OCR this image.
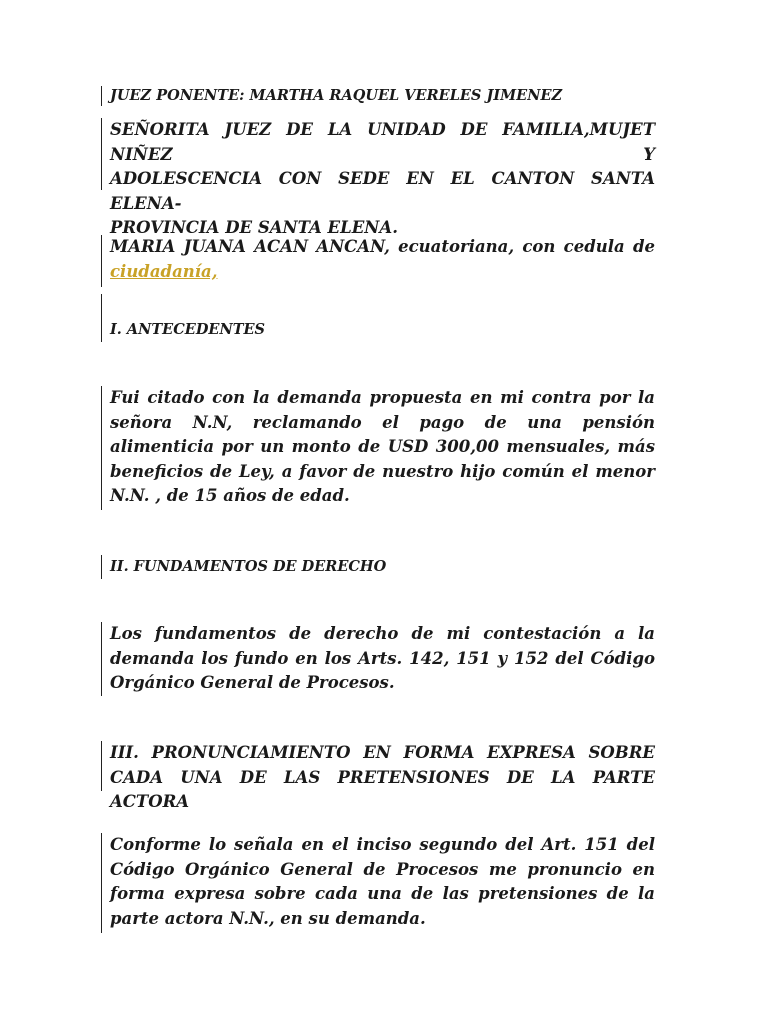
JUEZ PONENTE: MARTHA RAQUEL VERELES JIMENEZ

SEÑORITA JUEZ DE LA UNIDAD DE FAMILIA,MUJET NIÑEZ Y
ADOLESCENCIA CON SEDE EN EL CANTON SANTA ELENA-
PROVINCIA DE SANTA ELENA.
MARIA JUANA ACAN ANCAN, ecuatoriana, con cedula de
ciudadanía,

I. ANTECEDENTES

Fui citado con la demanda propuesta en mi contra por la señora N.N, reclamando el pago de una pensión alimenticia por un monto de USD 300,00 mensuales, más beneficios de Ley, a favor de nuestro hijo común el menor N.N. , de 15 años de edad.

II. FUNDAMENTOS DE DERECHO

Los fundamentos de derecho de mi contestación a la demanda los fundo en los Arts. 142, 151 y 152 del Código Orgánico General de Procesos.

III. PRONUNCIAMIENTO EN FORMA EXPRESA SOBRE CADA UNA DE LAS PRETENSIONES DE LA PARTE ACTORA

Conforme lo señala en el inciso segundo del Art. 151 del Código Orgánico General de Procesos me pronuncio en forma expresa sobre cada una de las pretensiones de la parte actora N.N., en su demanda.
